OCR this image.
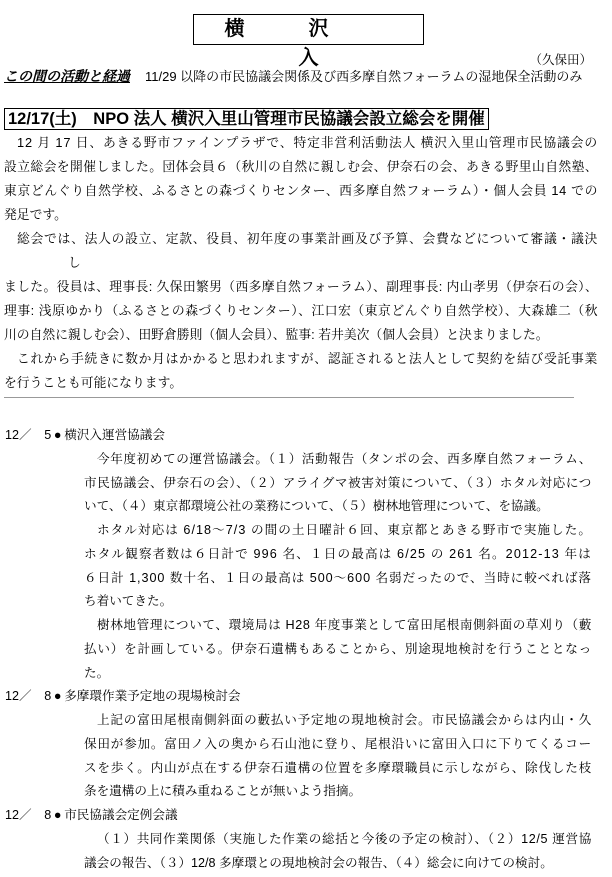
横沢入	（久保田）
この間の活動と経過 11/29 以降の市民協議会関係及び西多摩自然フォーラムの湿地保全活動のみ
12/17(土)　NPO 法人 横沢入里山管理市民協議会設立総会を開催
12 月 17 日、あきる野市ファインプラザで、特定非営利活動法人 横沢入里山管理市民協議会の
設立総会を開催しました。団体会員６（秋川の自然に親しむ会、伊奈石の会、あきる野里山自然塾、
東京どんぐり自然学校、ふるさとの森づくりセンター、西多摩自然フォーラム）・個人会員 14 での
発足です。
総会では、法人の設立、定款、役員、初年度の事業計画及び予算、会費などについて審議・議決
し
ました。役員は、理事長: 久保田繁男（西多摩自然フォーラム）、副理事長: 内山孝男（伊奈石の会）、
理事: 浅原ゆかり（ふるさとの森づくりセンター）、江口宏（東京どんぐり自然学校）、大森雄二（秋
川の自然に親しむ会）、田野倉勝則（個人会員）、監事: 若井美次（個人会員）と決まりました。
これから手続きに数か月はかかると思われますが、認証されると法人として契約を結び受託事業
を行うことも可能になります。
12／　5 ● 横沢入運営協議会
今年度初めての運営協議会。（１）活動報告（タンポの会、西多摩自然フォーラム、
市民協議会、伊奈石の会）、（２）アライグマ被害対策について、（３）ホタル対応につ
いて、（４）東京都環境公社の業務について、（５）樹林地管理について、を協議。
ホタル対応は 6/18～7/3 の間の土日曜計６回、東京都とあきる野市で実施した。
ホタル観察者数は６日計で 996 名、１日の最高は 6/25 の 261 名。2012-13 年は
６日計 1,300 数十名、１日の最高は 500～600 名弱だったので、当時に較べれば落
ち着いてきた。
樹林地管理について、環境局は H28 年度事業として富田尾根南側斜面の草刈り（藪
払い）を計画している。伊奈石遺構もあることから、別途現地検討を行うこととなっ
た。
12／　8 ● 多摩環作業予定地の現場検討会
上記の富田尾根南側斜面の藪払い予定地の現地検討会。市民協議会からは内山・久
保田が参加。富田ノ入の奥から石山池に登り、尾根沿いに富田入口に下りてくるコー
スを歩く。内山が点在する伊奈石遺構の位置を多摩環職員に示しながら、除伐した枝
条を遺構の上に積み重ねることが無いよう指摘。
12／　8 ● 市民協議会定例会議
（１）共同作業関係（実施した作業の総括と今後の予定の検討）、（２）12/5 運営協
議会の報告、（３）12/8 多摩環との現地検討会の報告、（４）総会に向けての検討。
